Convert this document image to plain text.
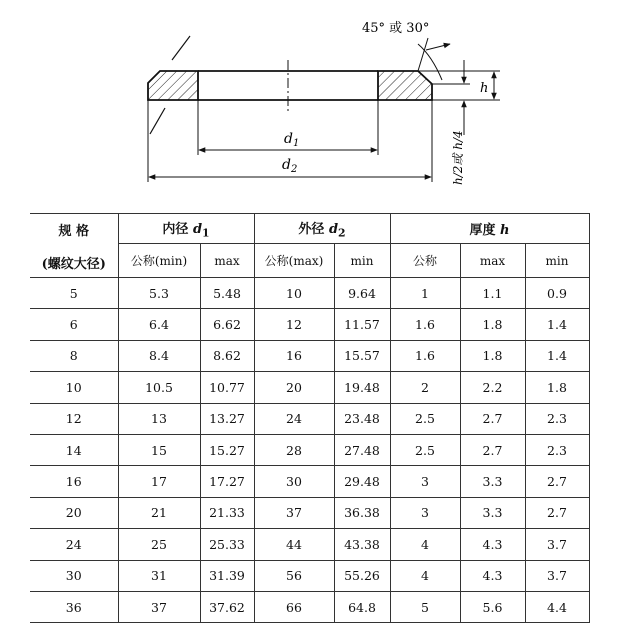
$d_1$
$d_2$
h
h/2或 h/4
45° 或 30°
规 格
(螺纹大径)	内径 $d_1$		外径 $d_2$		厚度 h		
	公称(min)	max	公称(max)	min	公称	max	min
5	5.3	5.48	10	9.64	1	1.1	0.9
6	6.4	6.62	12	11.57	1.6	1.8	1.4
8	8.4	8.62	16	15.57	1.6	1.8	1.4
10	10.5	10.77	20	19.48	2	2.2	1.8
12	13	13.27	24	23.48	2.5	2.7	2.3
14	15	15.27	28	27.48	2.5	2.7	2.3
16	17	17.27	30	29.48	3	3.3	2.7
20	21	21.33	37	36.38	3	3.3	2.7
24	25	25.33	44	43.38	4	4.3	3.7
30	31	31.39	56	55.26	4	4.3	3.7
36	37	37.62	66	64.8	5	5.6	4.4
